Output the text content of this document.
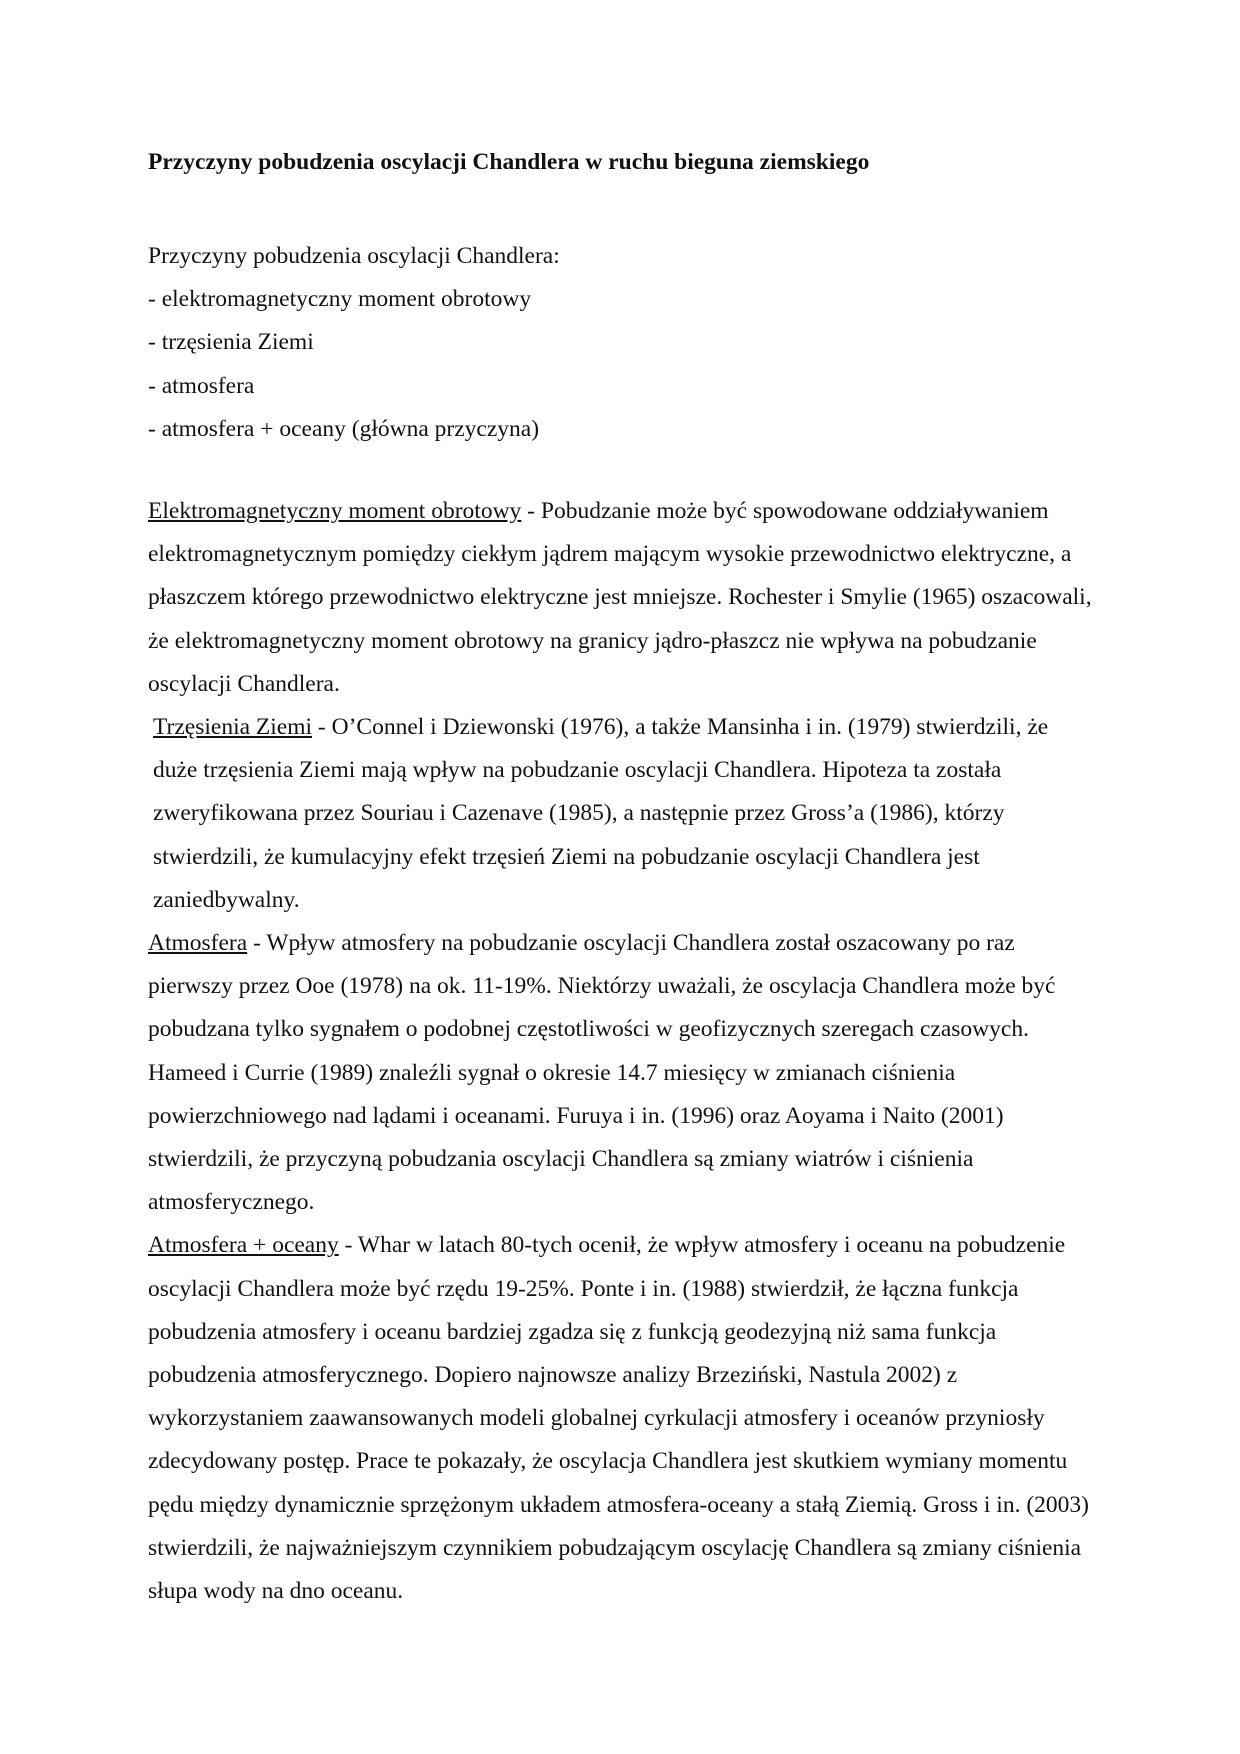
Przyczyny pobudzenia oscylacji Chandlera w ruchu bieguna ziemskiego

Przyczyny pobudzenia oscylacji Chandlera:

- elektromagnetyczny moment obrotowy

- trzęsienia Ziemi

- atmosfera

- atmosfera + oceany (główna przyczyna)

Elektromagnetyczny moment obrotowy - Pobudzanie może być spowodowane oddziaływaniem elektromagnetycznym pomiędzy ciekłym jądrem mającym wysokie przewodnictwo elektryczne, a płaszczem którego przewodnictwo elektryczne jest mniejsze. Rochester i Smylie (1965) oszacowali, że elektromagnetyczny moment obrotowy na granicy jądro-płaszcz nie wpływa na pobudzanie oscylacji Chandlera.

Trzęsienia Ziemi - O’Connel i Dziewonski (1976), a także Mansinha i in. (1979) stwierdzili, że duże trzęsienia Ziemi mają wpływ na pobudzanie oscylacji Chandlera. Hipoteza ta została zweryfikowana przez Souriau i Cazenave (1985), a następnie przez Gross’a (1986), którzy stwierdzili, że kumulacyjny efekt trzęsień Ziemi na pobudzanie oscylacji Chandlera jest zaniedbywalny.

Atmosfera - Wpływ atmosfery na pobudzanie oscylacji Chandlera został oszacowany po raz pierwszy przez Ooe (1978) na ok. 11-19%. Niektórzy uważali, że oscylacja Chandlera może być pobudzana tylko sygnałem o podobnej częstotliwości w geofizycznych szeregach czasowych. Hameed i Currie (1989) znaleźli sygnał o okresie 14.7 miesięcy w zmianach ciśnienia powierzchniowego nad lądami i oceanami. Furuya i in. (1996) oraz Aoyama i Naito (2001) stwierdzili, że przyczyną pobudzania oscylacji Chandlera są zmiany wiatrów i ciśnienia atmosferycznego.

Atmosfera + oceany - Whar w latach 80-tych ocenił, że wpływ atmosfery i oceanu na pobudzenie oscylacji Chandlera może być rzędu 19-25%. Ponte i in. (1988) stwierdził, że łączna funkcja pobudzenia atmosfery i oceanu bardziej zgadza się z funkcją geodezyjną niż sama funkcja pobudzenia atmosferycznego. Dopiero najnowsze analizy Brzeziński, Nastula 2002) z wykorzystaniem zaawansowanych modeli globalnej cyrkulacji atmosfery i oceanów przyniosły zdecydowany postęp. Prace te pokazały, że oscylacja Chandlera jest skutkiem wymiany momentu pędu między dynamicznie sprzężonym układem atmosfera-oceany a stałą Ziemią. Gross i in. (2003) stwierdzili, że najważniejszym czynnikiem pobudzającym oscylację Chandlera są zmiany ciśnienia słupa wody na dno oceanu.
